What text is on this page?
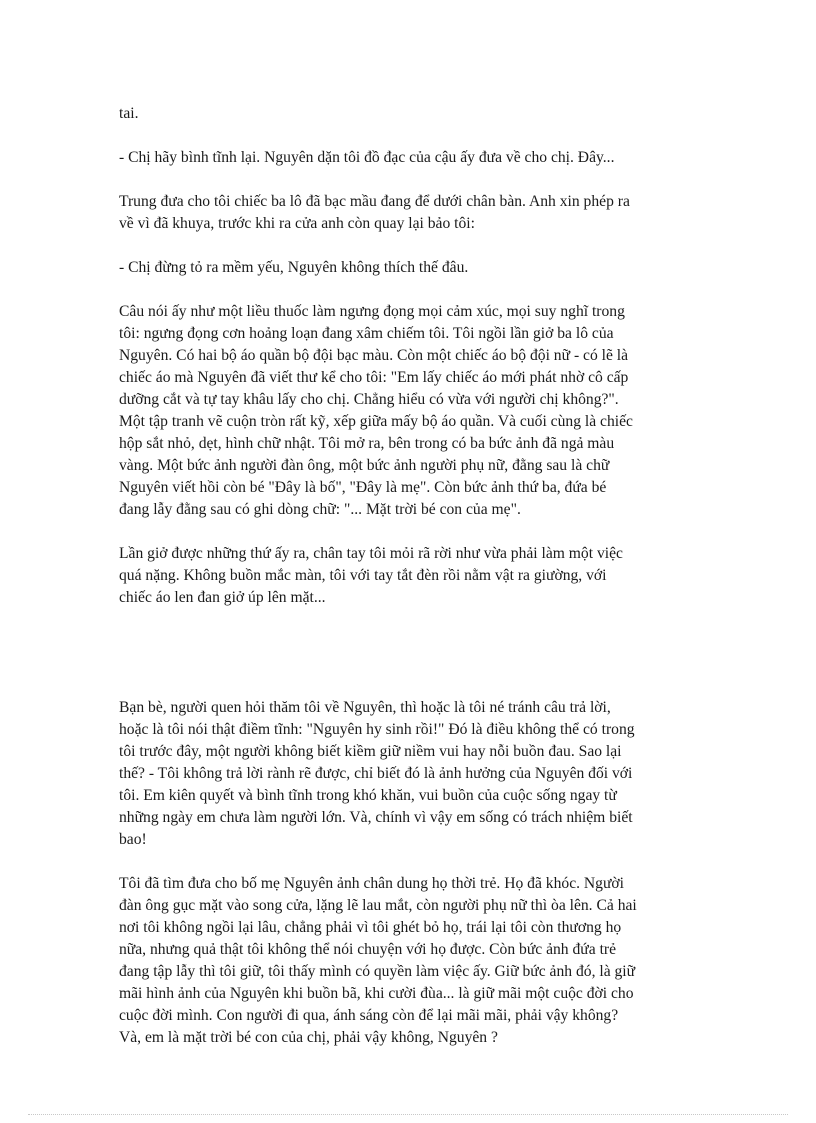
tai.

- Chị hãy bình tĩnh lại. Nguyên dặn tôi đồ đạc của cậu ấy đưa về cho chị. Đây...

Trung đưa cho tôi chiếc ba lô đã bạc mầu đang để dưới chân bàn. Anh xin phép ra
về vì đã khuya, trước khi ra cửa anh còn quay lại bảo tôi:

- Chị đừng tỏ ra mềm yếu, Nguyên không thích thế đâu.

Câu nói ấy như một liều thuốc làm ngưng đọng mọi cảm xúc, mọi suy nghĩ trong
tôi: ngưng đọng cơn hoảng loạn đang xâm chiếm tôi. Tôi ngồi lần giở ba lô của
Nguyên. Có hai bộ áo quần bộ đội bạc màu. Còn một chiếc áo bộ đội nữ - có lẽ là
chiếc áo mà Nguyên đã viết thư kể cho tôi: "Em lấy chiếc áo mới phát nhờ cô cấp
dưỡng cắt và tự tay khâu lấy cho chị. Chẳng hiểu có vừa với người chị không?".
Một tập tranh vẽ cuộn tròn rất kỹ, xếp giữa mấy bộ áo quần. Và cuối cùng là chiếc
hộp sắt nhỏ, dẹt, hình chữ nhật. Tôi mở ra, bên trong có ba bức ảnh đã ngả màu
vàng. Một bức ảnh người đàn ông, một bức ảnh người phụ nữ, đằng sau là chữ
Nguyên viết hồi còn bé "Đây là bố", "Đây là mẹ". Còn bức ảnh thứ ba, đứa bé
đang lẫy đằng sau có ghi dòng chữ: "... Mặt trời bé con của mẹ".

Lần giở được những thứ ấy ra, chân tay tôi mỏi rã rời như vừa phải làm một việc
quá nặng. Không buồn mắc màn, tôi với tay tắt đèn rồi nằm vật ra giường, với
chiếc áo len đan giở úp lên mặt...

Bạn bè, người quen hỏi thăm tôi về Nguyên, thì hoặc là tôi né tránh câu trả lời,
hoặc là tôi nói thật điềm tĩnh: "Nguyên hy sinh rồi!" Đó là điều không thể có trong
tôi trước đây, một người không biết kiềm giữ niềm vui hay nỗi buồn đau. Sao lại
thế? - Tôi không trả lời rành rẽ được, chỉ biết đó là ảnh hưởng của Nguyên đối với
tôi. Em kiên quyết và bình tĩnh trong khó khăn, vui buồn của cuộc sống ngay từ
những ngày em chưa làm người lớn. Và, chính vì vậy em sống có trách nhiệm biết
bao!

Tôi đã tìm đưa cho bố mẹ Nguyên ảnh chân dung họ thời trẻ. Họ đã khóc. Người
đàn ông gục mặt vào song cửa, lặng lẽ lau mắt, còn người phụ nữ thì òa lên. Cả hai
nơi tôi không ngồi lại lâu, chẳng phải vì tôi ghét bỏ họ, trái lại tôi còn thương họ
nữa, nhưng quả thật tôi không thể nói chuyện với họ được. Còn bức ảnh đứa trẻ
đang tập lẫy thì tôi giữ, tôi thấy mình có quyền làm việc ấy. Giữ bức ảnh đó, là giữ
mãi hình ảnh của Nguyên khi buồn bã, khi cười đùa... là giữ mãi một cuộc đời cho
cuộc đời mình. Con người đi qua, ánh sáng còn để lại mãi mãi, phải vậy không?
Và, em là mặt trời bé con của chị, phải vậy không, Nguyên ?
